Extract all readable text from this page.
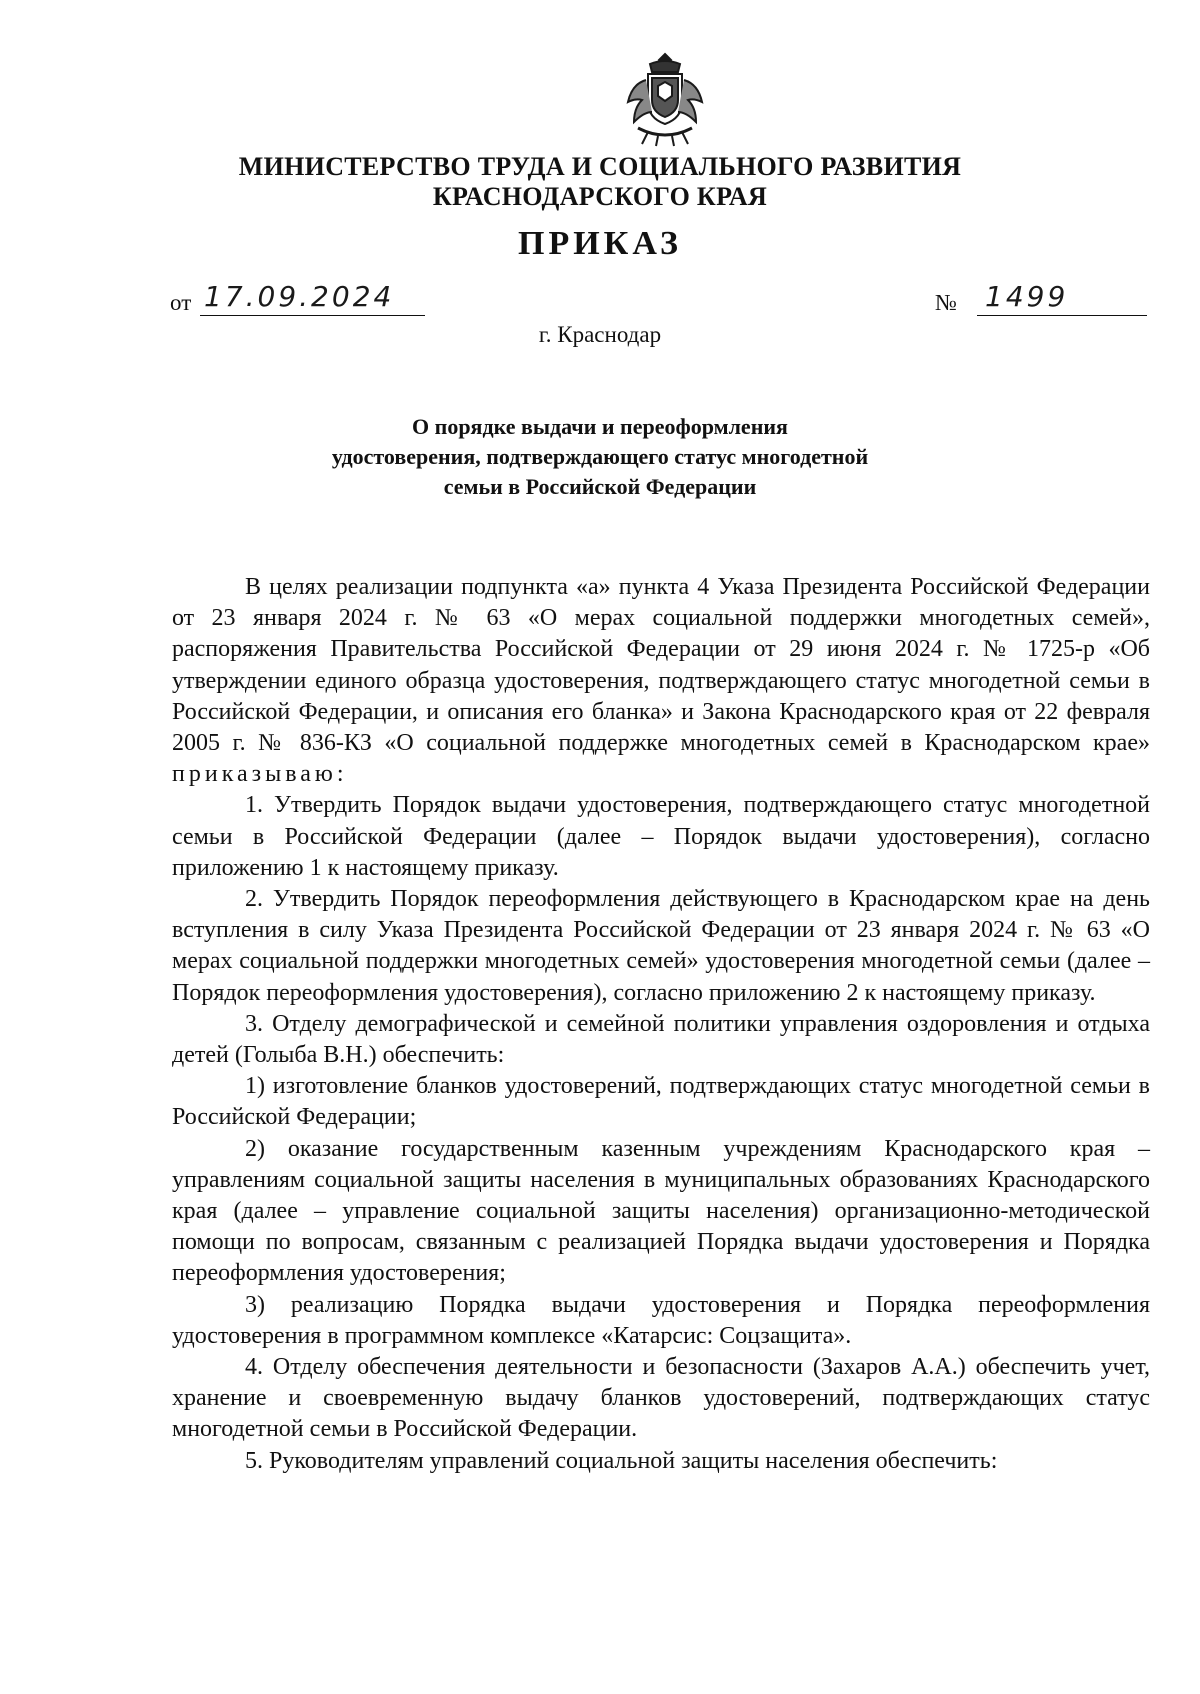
МИНИСТЕРСТВО ТРУДА И СОЦИАЛЬНОГО РАЗВИТИЯ
КРАСНОДАРСКОГО КРАЯ
ПРИКАЗ
от 17.09.2024	№ 1499
г. Краснодар
О порядке выдачи и переоформления
удостоверения, подтверждающего статус многодетной
семьи в Российской Федерации

В целях реализации подпункта «а» пункта 4 Указа Президента Российской Федерации от 23 января 2024 г. № 63 «О мерах социальной поддержки многодетных семей», распоряжения Правительства Российской Федерации от 29 июня 2024 г. № 1725-р «Об утверждении единого образца удостоверения, подтверждающего статус многодетной семьи в Российской Федерации, и описания его бланка» и Закона Краснодарского края от 22 февраля 2005 г. № 836-КЗ «О социальной поддержке многодетных семей в Краснодарском крае» приказываю:

1. Утвердить Порядок выдачи удостоверения, подтверждающего статус многодетной семьи в Российской Федерации (далее – Порядок выдачи удостоверения), согласно приложению 1 к настоящему приказу.

2. Утвердить Порядок переоформления действующего в Краснодарском крае на день вступления в силу Указа Президента Российской Федерации от 23 января 2024 г. № 63 «О мерах социальной поддержки многодетных семей» удостоверения многодетной семьи (далее – Порядок переоформления удостоверения), согласно приложению 2 к настоящему приказу.

3. Отделу демографической и семейной политики управления оздоровления и отдыха детей (Голыба В.Н.) обеспечить:

1) изготовление бланков удостоверений, подтверждающих статус многодетной семьи в Российской Федерации;

2) оказание государственным казенным учреждениям Краснодарского края – управлениям социальной защиты населения в муниципальных образованиях Краснодарского края (далее – управление социальной защиты населения) организационно-методической помощи по вопросам, связанным с реализацией Порядка выдачи удостоверения и Порядка переоформления удостоверения;

3) реализацию Порядка выдачи удостоверения и Порядка переоформления удостоверения в программном комплексе «Катарсис: Соцзащита».

4. Отделу обеспечения деятельности и безопасности (Захаров А.А.) обеспечить учет, хранение и своевременную выдачу бланков удостоверений, подтверждающих статус многодетной семьи в Российской Федерации.

5. Руководителям управлений социальной защиты населения обеспечить:
